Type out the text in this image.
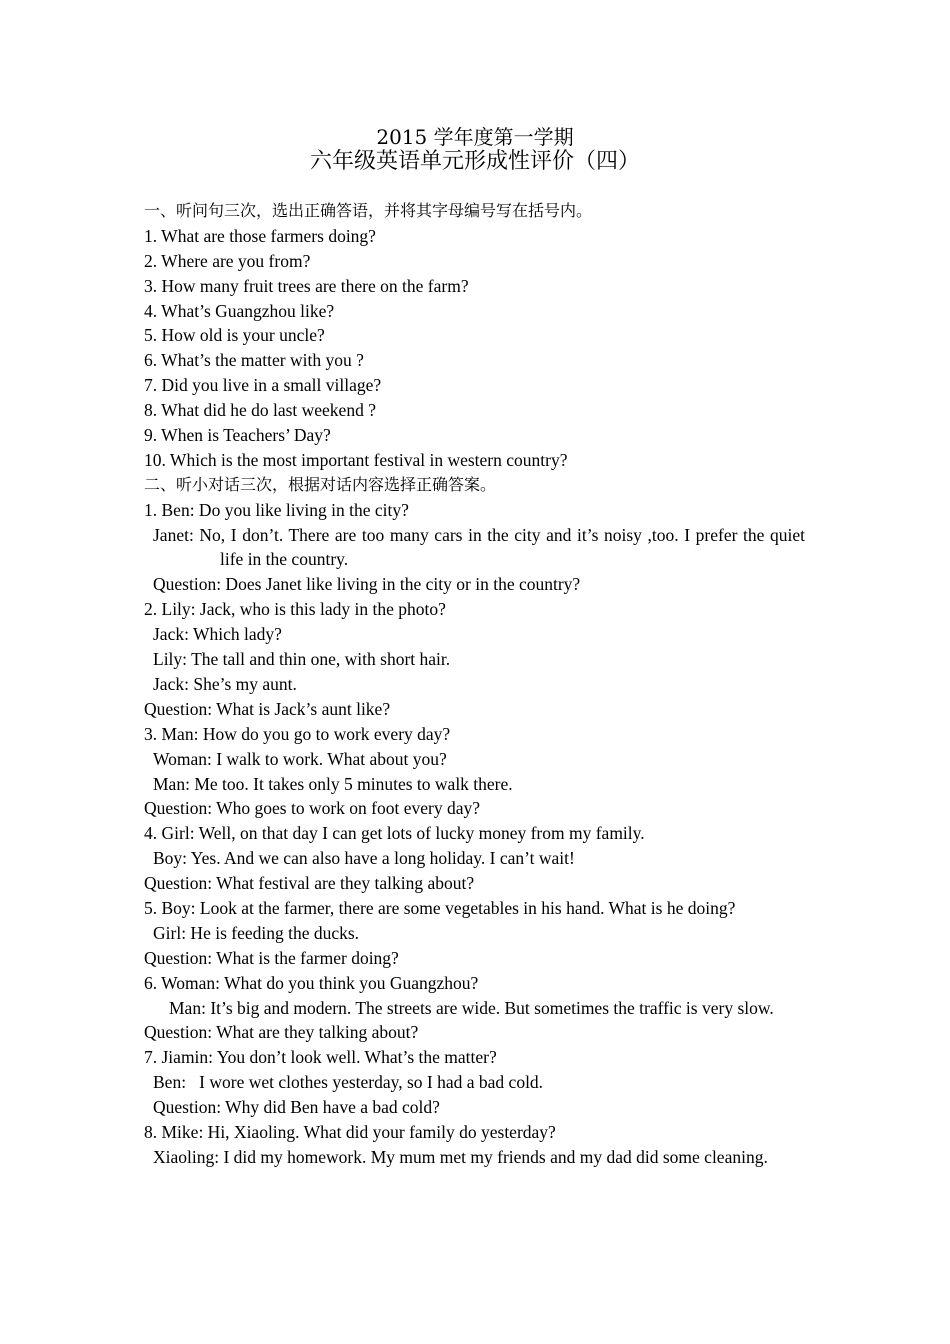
2015 学年度第一学期
六年级英语单元形成性评价（四）
一、听问句三次，选出正确答语，并将其字母编号写在括号内。
1. What are those farmers doing?
2. Where are you from?
3. How many fruit trees are there on the farm?
4. What’s Guangzhou like?
5. How old is your uncle?
6. What’s the matter with you ?
7. Did you live in a small village?
8. What did he do last weekend ?
9. When is Teachers’ Day?
10. Which is the most important festival in western country?
二、听小对话三次，根据对话内容选择正确答案。
1. Ben: Do you like living in the city?
Janet: No, I don’t. There are too many cars in the city and it’s noisy ,too. I prefer the quiet life in the country.
Question: Does Janet like living in the city or in the country?
2. Lily: Jack, who is this lady in the photo?
Jack: Which lady?
Lily: The tall and thin one, with short hair.
Jack: She’s my aunt.
Question: What is Jack’s aunt like?
3. Man: How do you go to work every day?
Woman: I walk to work. What about you?
Man: Me too. It takes only 5 minutes to walk there.
Question: Who goes to work on foot every day?
4. Girl: Well, on that day I can get lots of lucky money from my family.
Boy: Yes. And we can also have a long holiday. I can’t wait!
Question: What festival are they talking about?
5. Boy: Look at the farmer, there are some vegetables in his hand. What is he doing?
Girl: He is feeding the ducks.
Question: What is the farmer doing?
6. Woman: What do you think you Guangzhou?
Man: It’s big and modern. The streets are wide. But sometimes the traffic is very slow.
Question: What are they talking about?
7. Jiamin: You don’t look well. What’s the matter?
Ben:   I wore wet clothes yesterday, so I had a bad cold.
Question: Why did Ben have a bad cold?
8. Mike: Hi, Xiaoling. What did your family do yesterday?
Xiaoling: I did my homework. My mum met my friends and my dad did some cleaning.
